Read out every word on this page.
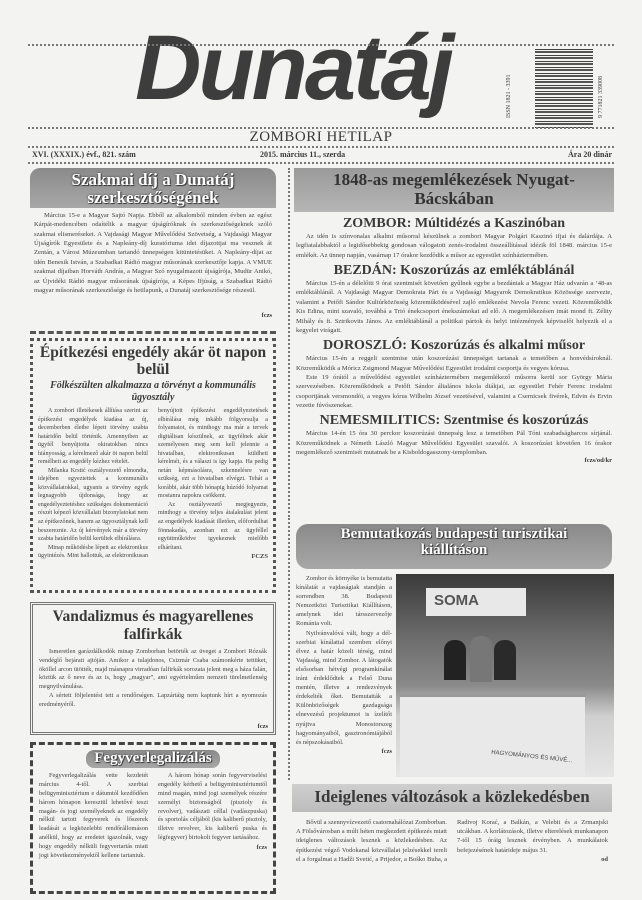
Dunatáj	ISSN 1821 - 3391	9 771821 339008
ZOMBORI HETILAP
XVI. (XXXIX.) évf., 821. szám	2015. március 11., szerda	Ára 20 dinár
Szakmai díj a Dunatáj szerkesztőségének

Március 15-e a Magyar Sajtó Napja. Ebből az alkalomból minden évben az egész Kárpát-medencében odaítélik a magyar újságíróknak és szerkesztőségeknek szóló szakmai elismeréseket. A Vajdasági Magyar Művelődési Szövetség, a Vajdasági Magyar Újságírók Egyesülete és a Napleány-díj kuratóriuma idei díjazottjai ma vesznek át Zentán, a Városi Múzeumban tartandó ünnepségen kitüntetésüket. A Napleány-díjat az idén Benesik István, a Szabadkai Rádió magyar műsorának szerkesztője kapja. A VMUE szakmai díjaiban Horváth András, a Magyar Szó nyugalmazott újságírója, Mudür Anikó, az Újvidéki Rádió magyar műsorának újságírója, a Képes Ifjúság, a Szabadkai Rádió magyar műsorának szerkesztősége és hetilapunk, a Dunatáj szerkesztősége részesül.

fczs
Építkezési engedély akár öt napon belül
Fölkészülten alkalmazza a törvényt a kommunális ügyosztály

A zombori illetékesek állítása szerint az építkezési engedélyek kiadása az új, decemberben életbe lépett törvény szabta határidőn belül történik. Amennyiben az ügyfél benyújtotta okiratokban nincs hiányosság, a kérelmező akár öt napon belül remélheti az engedély kézhez vételét.

Milanka Krstić osztályvezető elmondta, idejében egyeztettek a kommunális közvállalatokkal, ugyanis a törvény egyik legnagyobb újdonsága, hogy az engedélyeztetéshez szükséges dokumentáció részét képező közvállalati bizonylatokat nem az építkezőnek, hanem az ügyosztálynak kell beszereznie. Az új kérvények már a törvény szabta határidőn belül kerültek elbírálásra.

Minap működésbe lépett az elektronikus ügyintézés. Mint hallottuk, az elektronikusan benyújtott építkezési engedélyeztetések elbírálása még inkább fölgyorsulja a folyamatot, és minthogy ma már a tervek digitálisan készülnek, az ügyfélnek akár személyesen meg sem kell jelennie a hivatalban, elektronikusan küldheti kérelmét, és a választ is így kapja. Ha pedig netán képmásolásra, szkennelésre van szükség, ezt a hivatalban elvégzi. Tehát a korábbi, akár több hónapig húzódó folyamat mostanra napokra csökkent.

Az osztályvezető megjegyezte, minthogy a törvény teljes átalakulást jelent az engedélyek kiadását illetően, előfordulhat fönnakadás, azonban ezt az ügyféllel együttműködve igyekeznek mielőbb elhárítani.

FCZS
Vandalizmus és magyarellenes falfirkák

Ismeretlen garázdálkodók minap Zomborban betörték az üveget a Zombori Rózsák vendéglő bejárati ajtóján. Amikor a tulajdonos, Csizmár Csaba számonkérte tettüket, ököllel arcon ütötték, majd másnapra virradóan falfirkák sorozata jelent meg a háza falán, köztük az ő neve és az is, hogy „magyar”, ami egyértelműen nemzeti türelmetlenség megnyilvánulása.

A sértett följelentést tett a rendőrségen. Lapzártáig nem kaptunk hírt a nyomozás eredményéről.

fczs
Fegyverlegalizálás

Fegyverlegalizálás vette kezdetét március 4-től. A szerbiai belügyminisztérium e dátumtól kezdődően három hónapon keresztül lehetővé teszi magán- és jogi személyeknek az engedély nélkül tartott fegyverek és lőszerek leadását a legközelebbi rendőrállomáson anélkül, hogy az eredetet igazolnák, vagy hogy engedély nélküli fegyvertartás miatt jogi következményektől kellene tartaniuk.

A három hónap során fegyverviselési engedély kérhető a belügyminisztériumtól mind magán, mind jogi személyek részére személyi biztonságból (pisztoly és revolver), vadászati céllal (vadászpuska) és sportolás céljából (kis kaliberű pisztoly, illetve revolver, kis kaliberű puska és légfegyver) birtokolt fegyver tartásához.

fczs
1848-as megemlékezések Nyugat-Bácskában
ZOMBOR: Múltidézés a Kaszinóban

Az idén is színvonalas alkalmi műsorral készülnek a zombori Magyar Polgári Kaszinó ifjai és dalárdája. A legfiatalabbaktól a legidősebbekig gondosan válogatott zenés-irodalmi összeállítással idézik föl 1848. március 15-e emlékét. Az ünnep napján, vasárnap 17 órakor kezdődik a műsor az egyesület színháztermében.

BEZDÁN: Koszorúzás az emléktáblánál

Március 15-én a délelőtti 9 órai szentmisét követően gyűlnek egybe a bezdániak a Magyar Ház udvarán a ’48-as emléktáblánál. A Vajdasági Magyar Demokrata Párt és a Vajdasági Magyarok Demokratikus Közössége szervezte, valamint a Petőfi Sándor Kultúrközösség közreműködésével zajló emlékezést Nevola Ferenc vezeti. Közreműködik Kis Edina, mint szavaló, továbbá a Trió énekcsoport énekszámokat ad elő. A megemlékezésen imát mond ft. Zélity Mihály és ft. Sztrikovits János. Az emléktáblánál a politikai pártok és helyi intézmények képviselői helyezik el a kegyelet virágait.

DOROSZLÓ: Koszorúzás és alkalmi műsor

Március 15-én a reggeli szentmise után koszorúzási ünnepséget tartanak a temetőben a honvédsíroknál. Közreműködik a Móricz Zsigmond Magyar Művelődési Egyesület irodalmi csoportja és vegyes kórusa.

Este 19 órától a művelődési egyesület színháztermében megemlékező műsorra kerül sor György Mária szervezésében. Közreműködnek a Petőfi Sándor általános iskola diákjai, az egyesület Fehér Ferenc irodalmi csoportjának versmondói, a vegyes kórus Wilhelm József vezetésével, valamint a Csernicsek fivérek, Edvin és Ervin vezette fúvószenekar.

NEMESMILITICS: Szentmise és koszorúzás

Március 14-én 15 óra 30 perckor koszorúzási ünnepség lesz a temetőben Pál Tóni szabadságharcos sírjánál. Közreműködnek a Németh László Magyar Művelődési Egyesület szavalói. A koszorúzást követően 16 órakor megemlékező szentmisét mutatnak be a Kisboldogasszony-templomban.

fczs/od/kr
Bemutatkozás budapesti turisztikai kiállításon

Zombor és környéke is bemutatta kínálatát a vajdaságiak standján a sorrendben 38. Budapesti Nemzetközi Turisztikai Kiállításon, amelynek idei társszervezője Románia volt.

Nyilvánvalóvá vált, hogy a dél-szerbiai kínálattal szemben előnyt élvez a határ közeli térség, mind Vajdaság, mind Zombor. A látogatók elsősorban hétvégi programkínálat iránt érdeklődtek a Felső Duna mentén, illetve a rendezvények érdekelték őket. Bemutatták a Különbözőségek gazdagsága elnevezésű projektumot is ízelítőt nyújtva Monostorszeg hagyományaiból, gasztronómiájából és népszokásaiból.

fczs
SOMA
HAGYOMÁNYOS ÉS MŰVÉ...
Ideiglenes változások a közlekedésben

Bővül a szennyvízvezető csatornahálózat Zomborban. A Fölsővárosban a múlt héten megkezdett építkezés miatt ideiglenes változások lesznek a közlekedésben. Az építkezést végző Vodokanal közvállalat jelzésekkel tereli el a forgalmat a Hadži Svetić, a Prijedor, a Boško Buha, a Radivoj Korać, a Balkán, a Velebit és a Zrmanjski utcákban. A korlátozások, illetve elterelések munkanapon 7-től 15 óráig lesznek érvényben. A munkálatok befejezésének határideje május 31.

od
